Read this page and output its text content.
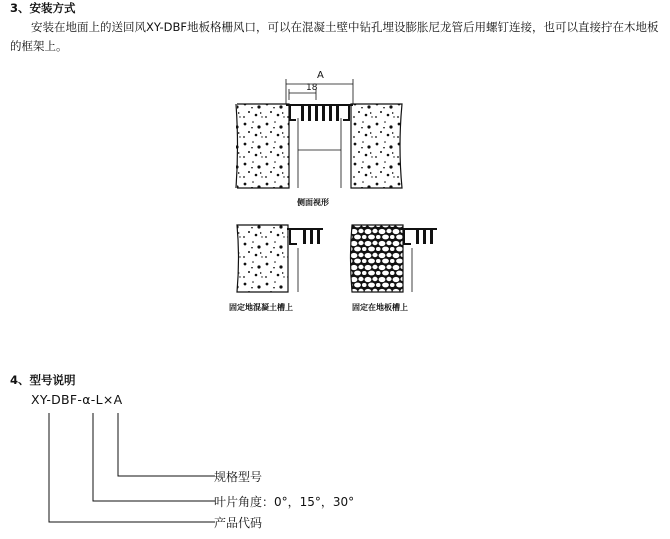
3、安装方式
安装在地面上的送回风XY-DBF地板格栅风口，可以在混凝土壁中钻孔埋设膨胀尼龙管后用螺钉连接，也可以直接拧在木地板的框架上。
A
18
侧面视形
固定地混凝土槽上	固定在地板槽上
4、型号说明
XY-DBF-α-L×A
规格型号
叶片角度：0°，15°，30°
产品代码
